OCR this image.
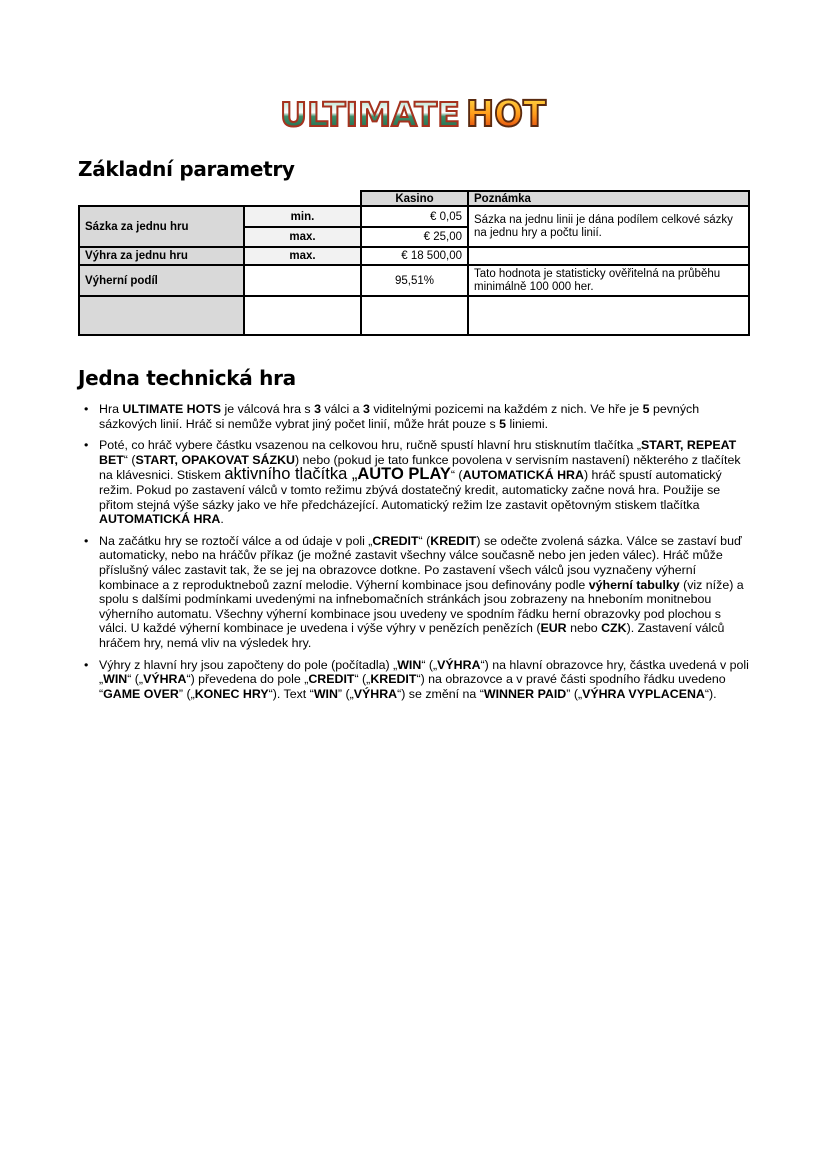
ULTIMATE HOT
Základní parametry
		Kasino	Poznámka
Sázka za jednu hru	min.	€ 0,05	Sázka na jednu linii je dána podílem celkové sázky na jednu hry a počtu linií.
	max.	€ 25,00	
Výhra za jednu hru	max.	€ 18 500,00	
Výherní podíl		95,51%	Tato hodnota je statisticky ověřitelná na průběhu minimálně 100 000 her.

Jedna technická hra
• Hra ULTIMATE HOTS je válcová hra s 3 válci a 3 viditelnými pozicemi na každém z nich. Ve hře je 5 pevných sázkových linií. Hráč si nemůže vybrat jiný počet linií, může hrát pouze s 5 liniemi.
• Poté, co hráč vybere částku vsazenou na celkovou hru, ručně spustí hlavní hru stisknutím tlačítka „START, REPEAT BET“ (START, OPAKOVAT SÁZKU) nebo (pokud je tato funkce povolena v servisním nastavení) některého z tlačítek na klávesnici. Stiskem aktivního tlačítka „AUTO PLAY“ (AUTOMATICKÁ HRA) hráč spustí automatický režim. Pokud po zastavení válců v tomto režimu zbývá dostatečný kredit, automaticky začne nová hra. Použije se přitom stejná výše sázky jako ve hře předcházející. Automatický režim lze zastavit opětovným stiskem tlačítka AUTOMATICKÁ HRA.
• Na začátku hry se roztočí válce a od údaje v poli „CREDIT“ (KREDIT) se odečte zvolená sázka. Válce se zastaví buď automaticky, nebo na hráčův příkaz (je možné zastavit všechny válce současně nebo jen jeden válec). Hráč může příslušný válec zastavit tak, že se jej na obrazovce dotkne. Po zastavení všech válců jsou vyznačeny výherní kombinace a z reproduktneboů zazní melodie. Výherní kombinace jsou definovány podle výherní tabulky (viz níže) a spolu s dalšími podmínkami uvedenými na infnebomačních stránkách jsou zobrazeny na hneboním monitnebou výherního automatu. Všechny výherní kombinace jsou uvedeny ve spodním řádku herní obrazovky pod plochou s válci. U každé výherní kombinace je uvedena i výše výhry v penězích penězích (EUR nebo CZK). Zastavení válců hráčem hry, nemá vliv na výsledek hry.
• Výhry z hlavní hry jsou započteny do pole (počítadla) „WIN“ („VÝHRA“) na hlavní obrazovce hry, částka uvedená v poli „WIN“ („VÝHRA“) převedena do pole „CREDIT“ („KREDIT“) na obrazovce a v pravé části spodního řádku uvedeno “GAME OVER” („KONEC HRY“). Text “WIN” („VÝHRA“) se změní na “WINNER PAID” („VÝHRA VYPLACENA“).
